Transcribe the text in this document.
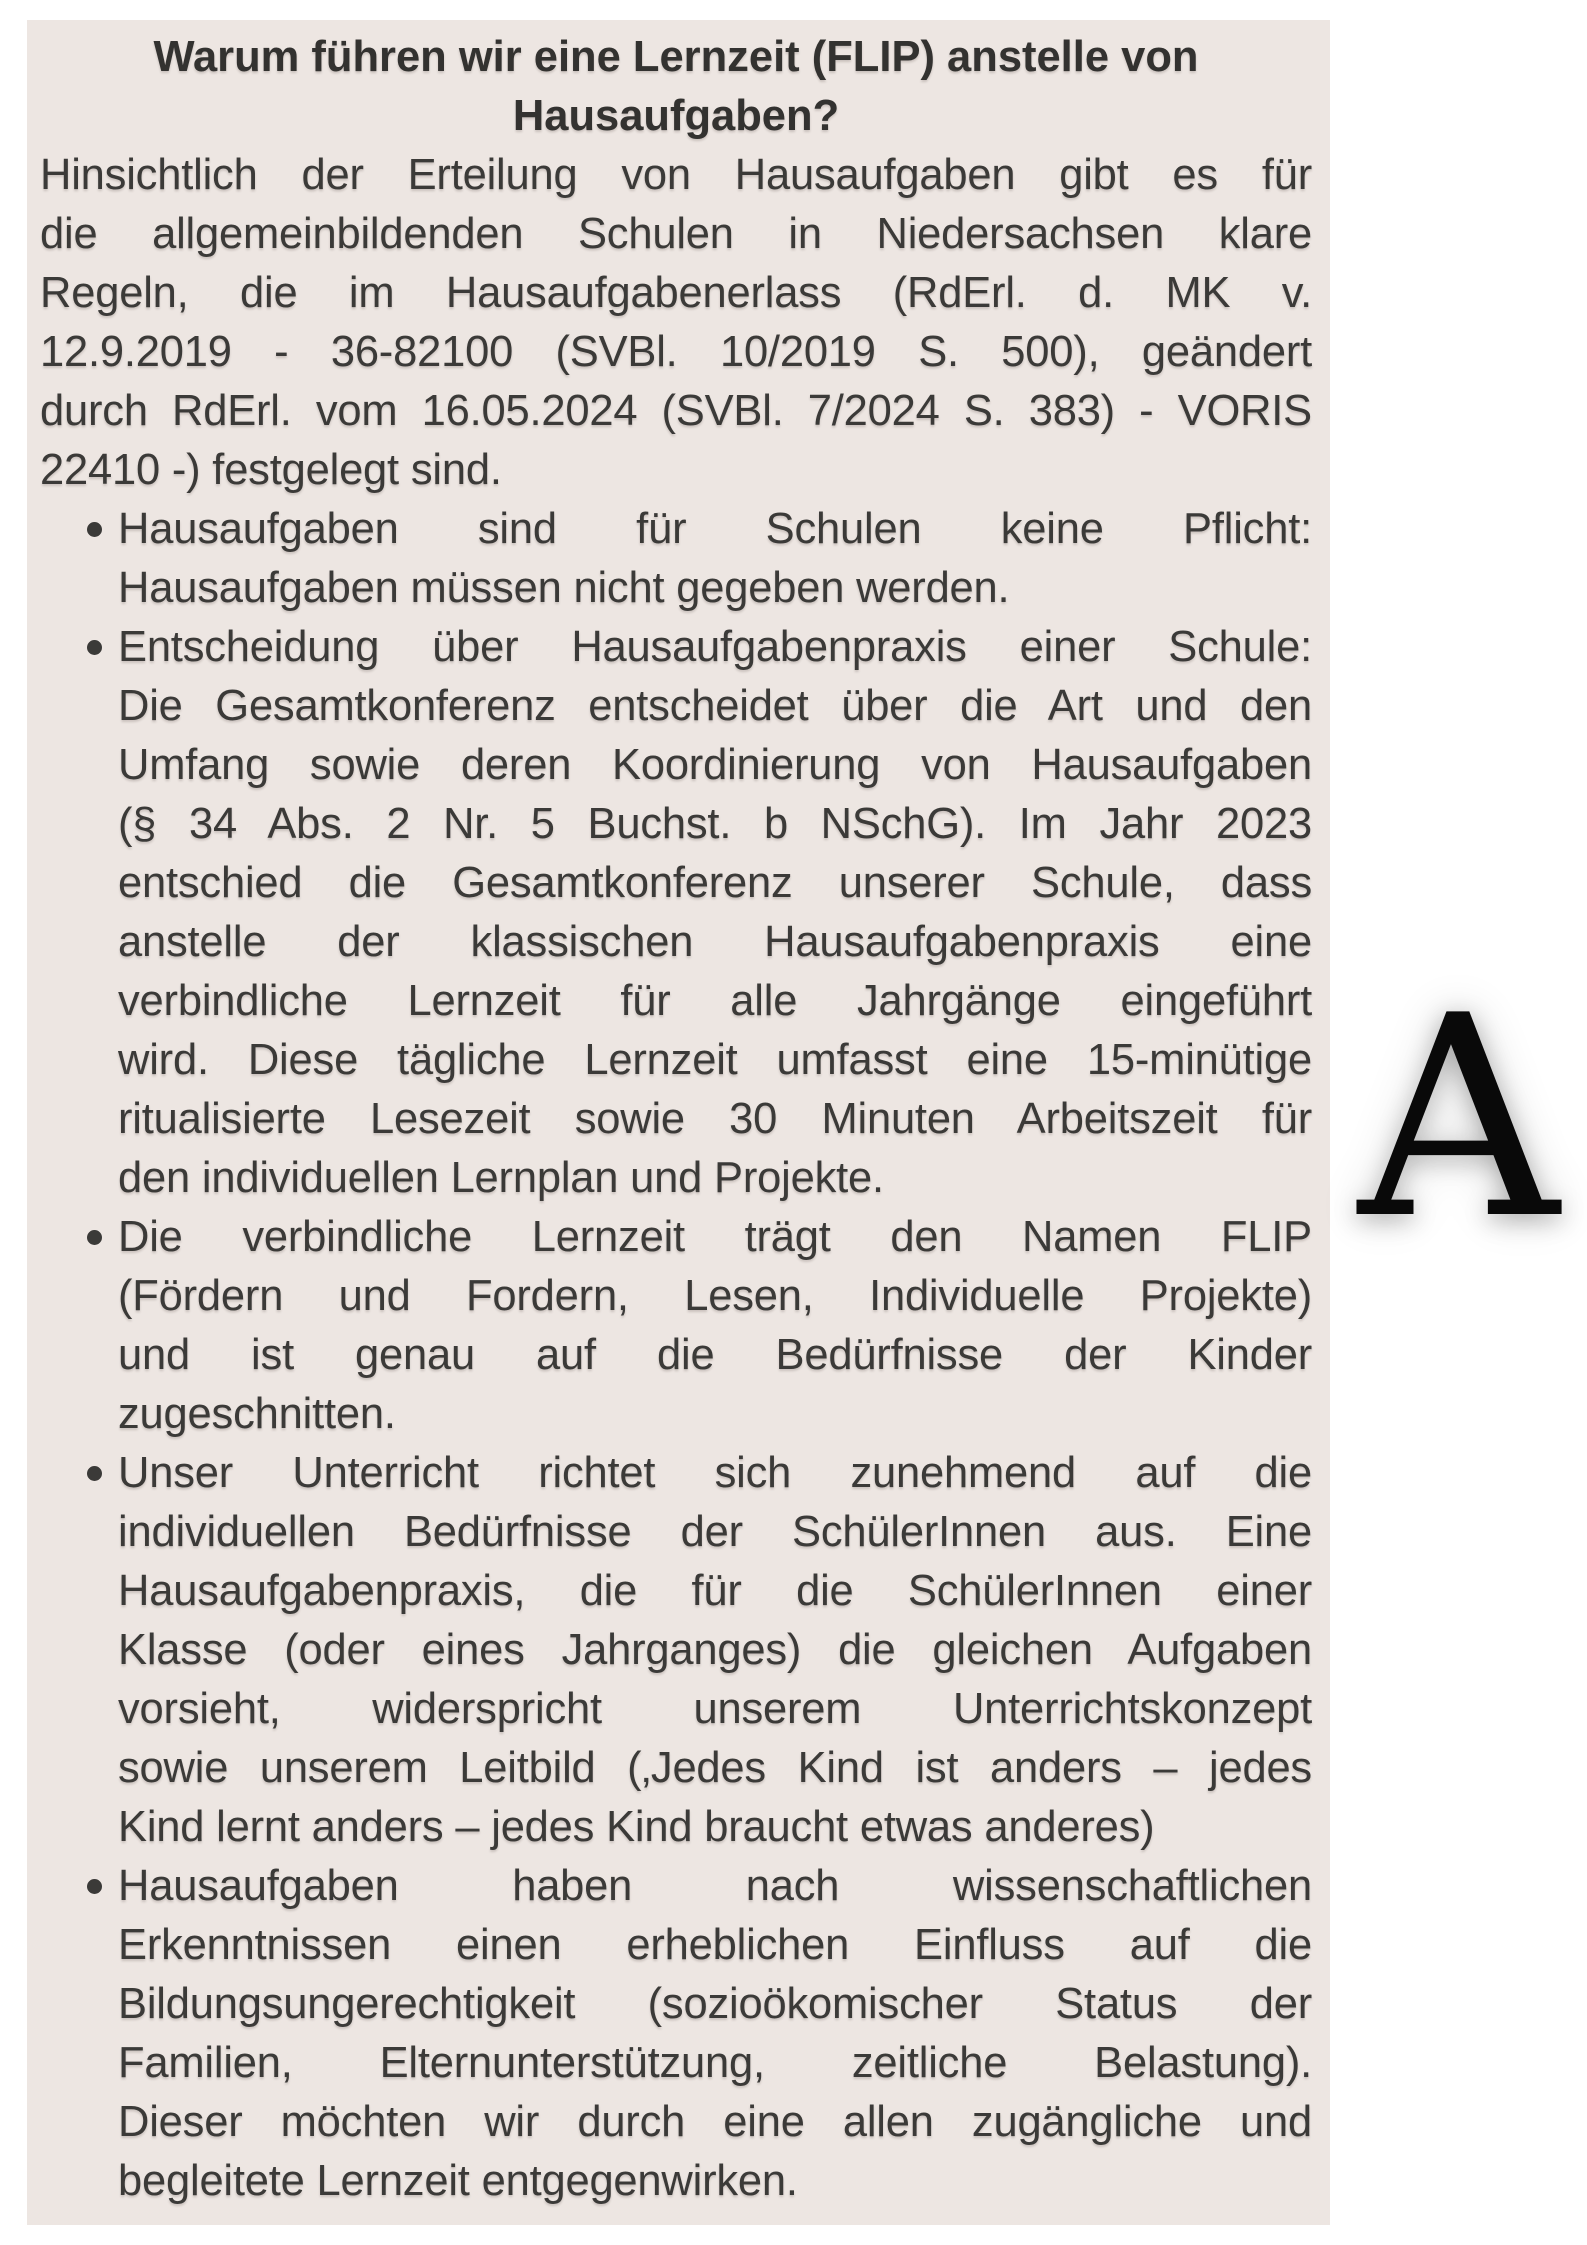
Warum führen wir eine Lernzeit (FLIP) anstelle von
Hausaufgaben?
Hinsichtlich der Erteilung von Hausaufgaben gibt es für
die allgemeinbildenden Schulen in Niedersachsen klare
Regeln, die im Hausaufgabenerlass (RdErl. d. MK v.
12.9.2019 - 36-82100 (SVBl. 10/2019 S. 500), geändert
durch RdErl. vom 16.05.2024 (SVBl. 7/2024 S. 383) - VORIS
22410 -) festgelegt sind.
Hausaufgaben sind für Schulen keine Pflicht:
Hausaufgaben müssen nicht gegeben werden.
Entscheidung über Hausaufgabenpraxis einer Schule:
Die Gesamtkonferenz entscheidet über die Art und den
Umfang sowie deren Koordinierung von Hausaufgaben
(§ 34 Abs. 2 Nr. 5 Buchst. b NSchG). Im Jahr 2023
entschied die Gesamtkonferenz unserer Schule, dass
anstelle der klassischen Hausaufgabenpraxis eine
verbindliche Lernzeit für alle Jahrgänge eingeführt
wird. Diese tägliche Lernzeit umfasst eine 15-minütige
ritualisierte Lesezeit sowie 30 Minuten Arbeitszeit für
den individuellen Lernplan und Projekte.
Die verbindliche Lernzeit trägt den Namen FLIP
(Fördern und Fordern, Lesen, Individuelle Projekte)
und ist genau auf die Bedürfnisse der Kinder
zugeschnitten.
Unser Unterricht richtet sich zunehmend auf die
individuellen Bedürfnisse der SchülerInnen aus. Eine
Hausaufgabenpraxis, die für die SchülerInnen einer
Klasse (oder eines Jahrganges) die gleichen Aufgaben
vorsieht, widerspricht unserem Unterrichtskonzept
sowie unserem Leitbild (‚Jedes Kind ist anders – jedes
Kind lernt anders – jedes Kind braucht etwas anderes)
Hausaufgaben haben nach wissenschaftlichen
Erkenntnissen einen erheblichen Einfluss auf die
Bildungsungerechtigkeit (sozioökomischer Status der
Familien, Elternunterstützung, zeitliche Belastung).
Dieser möchten wir durch eine allen zugängliche und
begleitete Lernzeit entgegenwirken.
A
